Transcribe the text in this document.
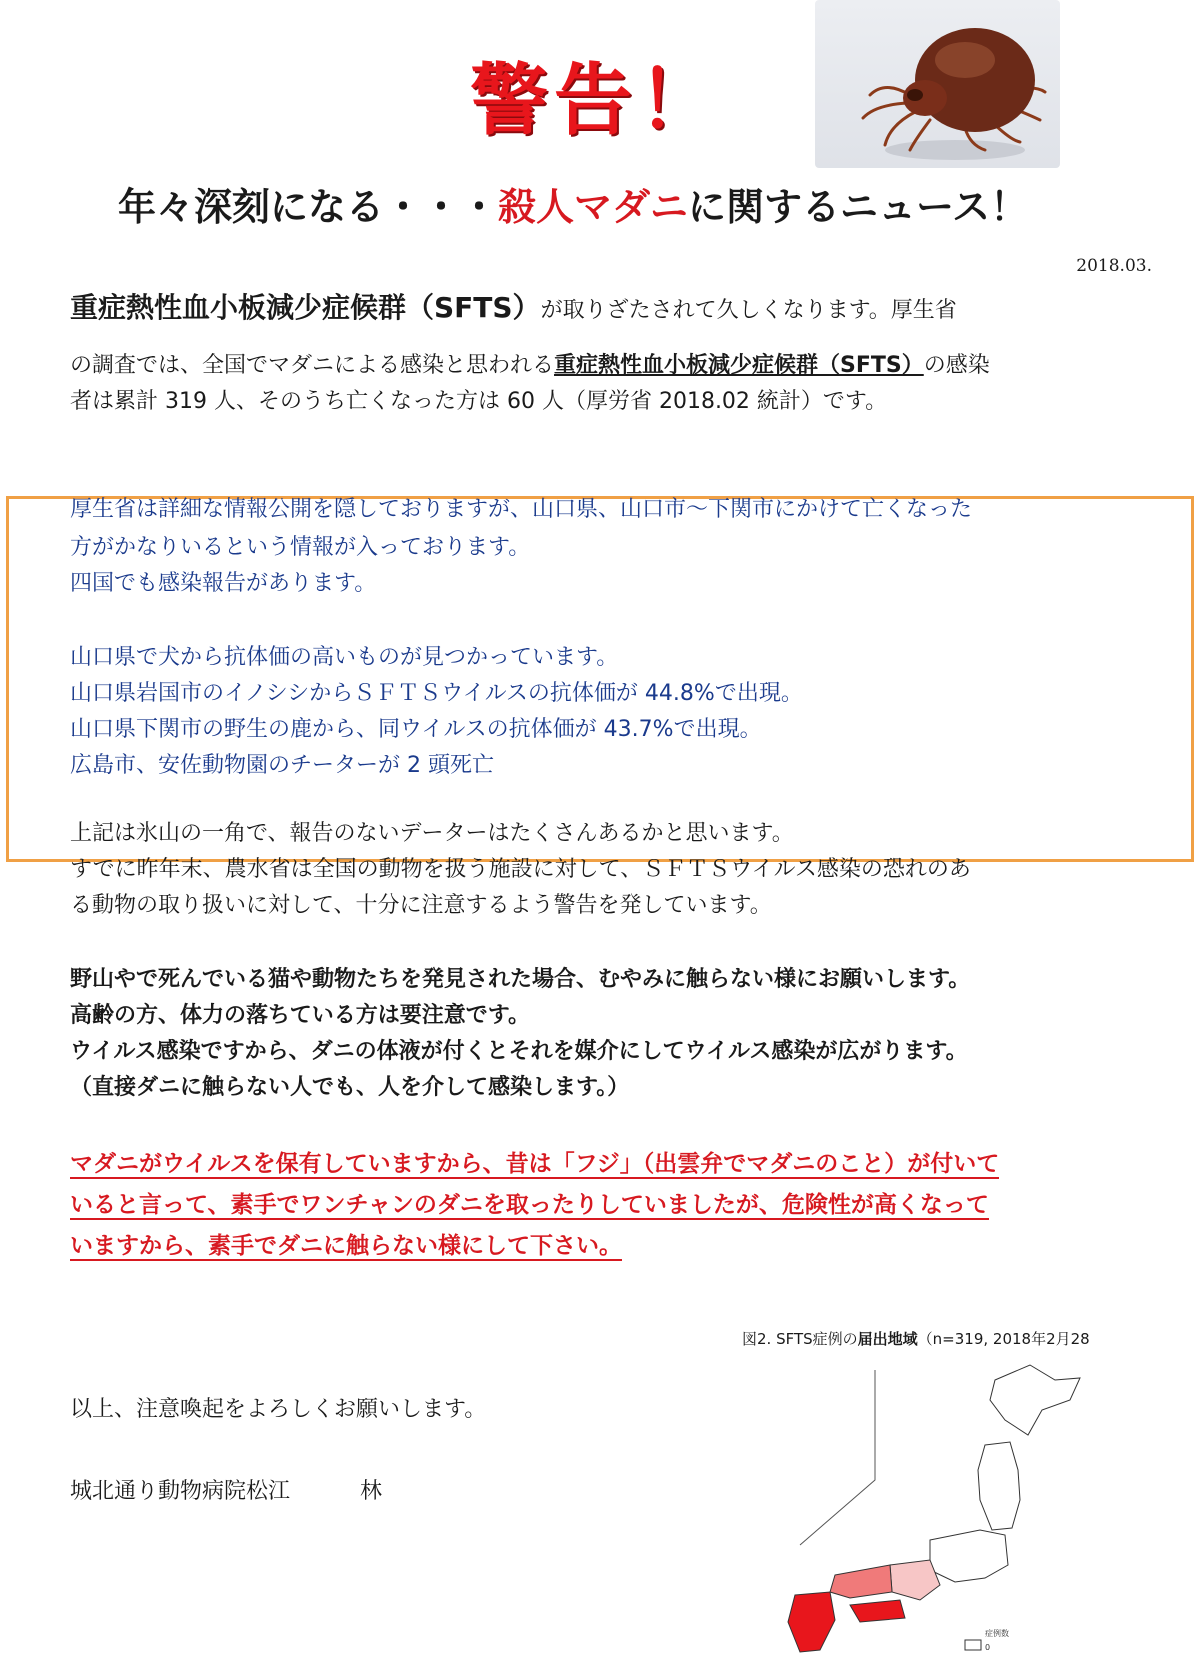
警告！
年々深刻になる・・・殺人マダニに関するニュース！
2018.03.
重症熱性血小板減少症候群（SFTS）が取りざたされて久しくなります。厚生省
の調査では、全国でマダニによる感染と思われる重症熱性血小板減少症候群（SFTS）の感染
者は累計 319 人、そのうち亡くなった方は 60 人（厚労省 2018.02 統計）です。
厚生省は詳細な情報公開を隠しておりますが、山口県、山口市～下関市にかけて亡くなった
方がかなりいるという情報が入っております。
四国でも感染報告があります。
山口県で犬から抗体価の高いものが見つかっています。
山口県岩国市のイノシシからＳＦＴＳウイルスの抗体価が 44.8%で出現。
山口県下関市の野生の鹿から、同ウイルスの抗体価が 43.7%で出現。
広島市、安佐動物園のチーターが 2 頭死亡
上記は氷山の一角で、報告のないデーターはたくさんあるかと思います。
すでに昨年末、農水省は全国の動物を扱う施設に対して、ＳＦＴＳウイルス感染の恐れのあ
る動物の取り扱いに対して、十分に注意するよう警告を発しています。
野山やで死んでいる猫や動物たちを発見された場合、むやみに触らない様にお願いします。
高齢の方、体力の落ちている方は要注意です。
ウイルス感染ですから、ダニの体液が付くとそれを媒介にしてウイルス感染が広がります。
（直接ダニに触らない人でも、人を介して感染します。）
マダニがウイルスを保有していますから、昔は「フジ」（出雲弁でマダニのこと）が付いて
いると言って、素手でワンチャンのダニを取ったりしていましたが、危険性が高くなって
いますから、素手でダニに触らない様にして下さい。
図2. SFTS症例の届出地域（n=319, 2018年2月28
以上、注意喚起をよろしくお願いします。
城北通り動物病院松江	林
症例数
0
